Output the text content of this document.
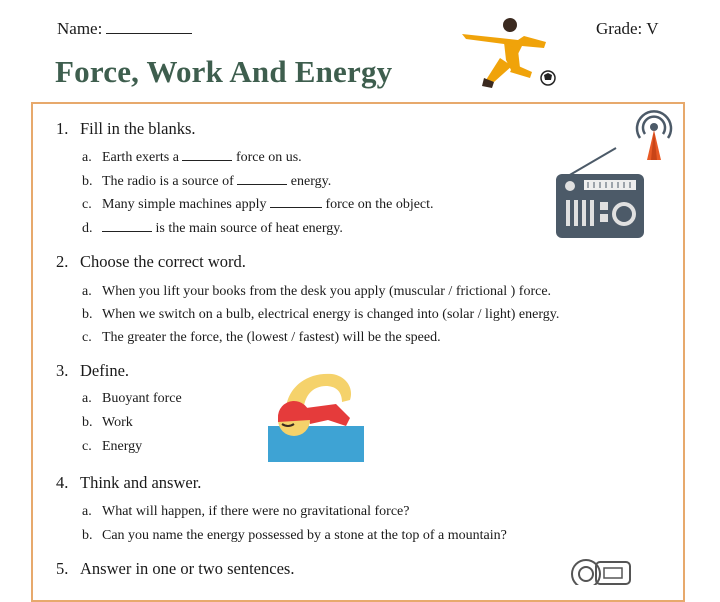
Name:	Grade: V
Force, Work And Energy
1. Fill in the blanks.
a. Earth exerts a	force on us.
b. The radio is a source of	energy.
c. Many simple machines apply	force on the object.
d.	is the main source of heat energy.
2. Choose the correct word.
a. When you lift your books from the desk you apply (muscular / frictional ) force.
b. When we switch on a bulb, electrical energy is changed into (solar / light) energy.
c. The greater the force, the (lowest / fastest) will be the speed.
3. Define.
a. Buoyant force
b. Work
c. Energy
4. Think and answer.
a. What will happen, if there were no gravitational force?
b. Can you name the energy possessed by a stone at the top of a mountain?
5. Answer in one or two sentences.
